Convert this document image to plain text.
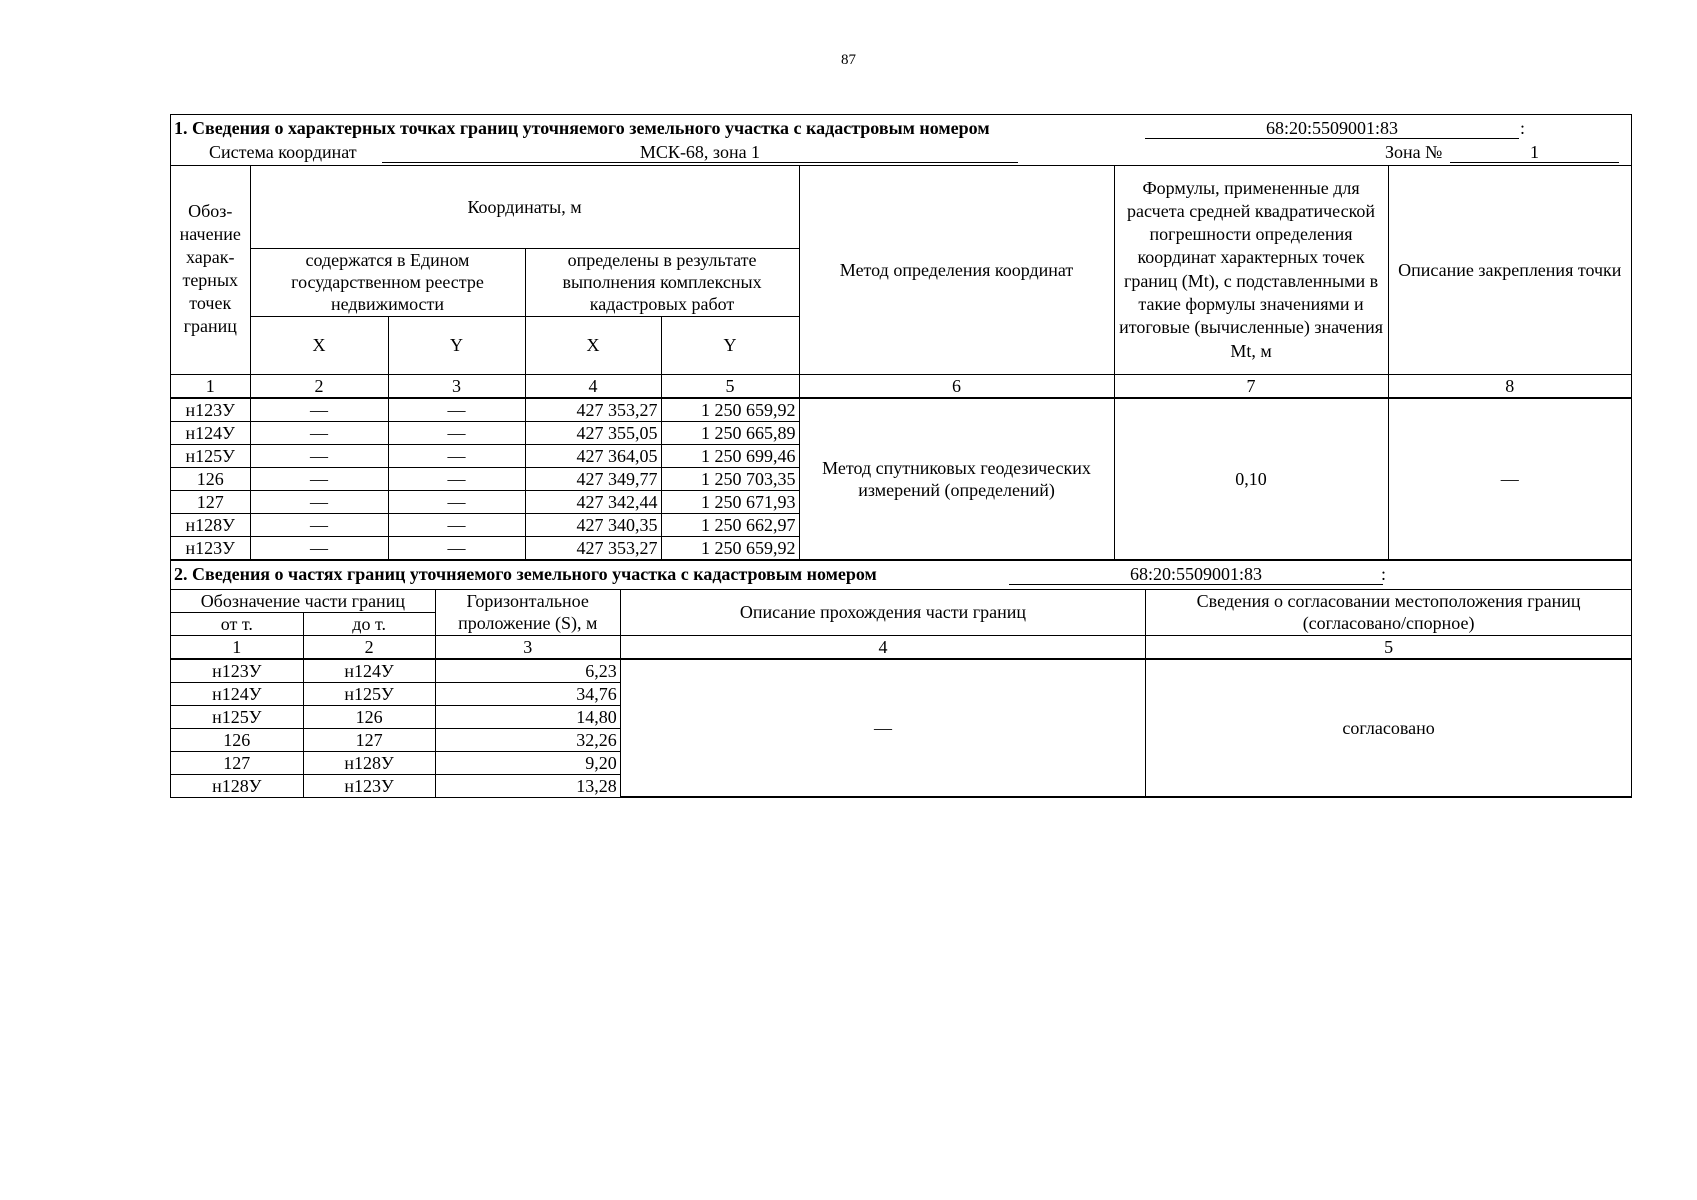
87
1. Сведения о характерных точках границ уточняемого земельного участка с кадастровым номером	68:20:5509001:83	:
Система координат	МСК-68, зона 1	Зона №	1
Обоз-начение харак-терных точек границ	Координаты, м				Метод определения координат	Формулы, примененные для расчета средней квадратической погрешности определения координат характерных точек границ (Mt), с подставленными в такие формулы значениями и итоговые (вычисленные) значения Mt, м	Описание закрепления точки
	содержатся в Едином государственном реестре недвижимости		определены в результате выполнения комплексных кадастровых работ				
	X	Y	X	Y			
1	2	3	4	5	6	7	8
н123У	—	—	427 353,27	1 250 659,92	Метод спутниковых геодезических измерений (определений)	0,10	—
н124У	—	—	427 355,05	1 250 665,89			
н125У	—	—	427 364,05	1 250 699,46			
126	—	—	427 349,77	1 250 703,35			
127	—	—	427 342,44	1 250 671,93			
н128У	—	—	427 340,35	1 250 662,97			
н123У	—	—	427 353,27	1 250 659,92			
2. Сведения о частях границ уточняемого земельного участка с кадастровым номером	68:20:5509001:83	:
Обозначение части границ		Горизонтальное проложение (S), м	Описание прохождения части границ	Сведения о согласовании местоположения границ (согласовано/спорное)
от т.	до т.			
1	2	3	4	5
н123У	н124У	6,23	—	согласовано
н124У	н125У	34,76		
н125У	126	14,80		
126	127	32,26		
127	н128У	9,20		
н128У	н123У	13,28		
